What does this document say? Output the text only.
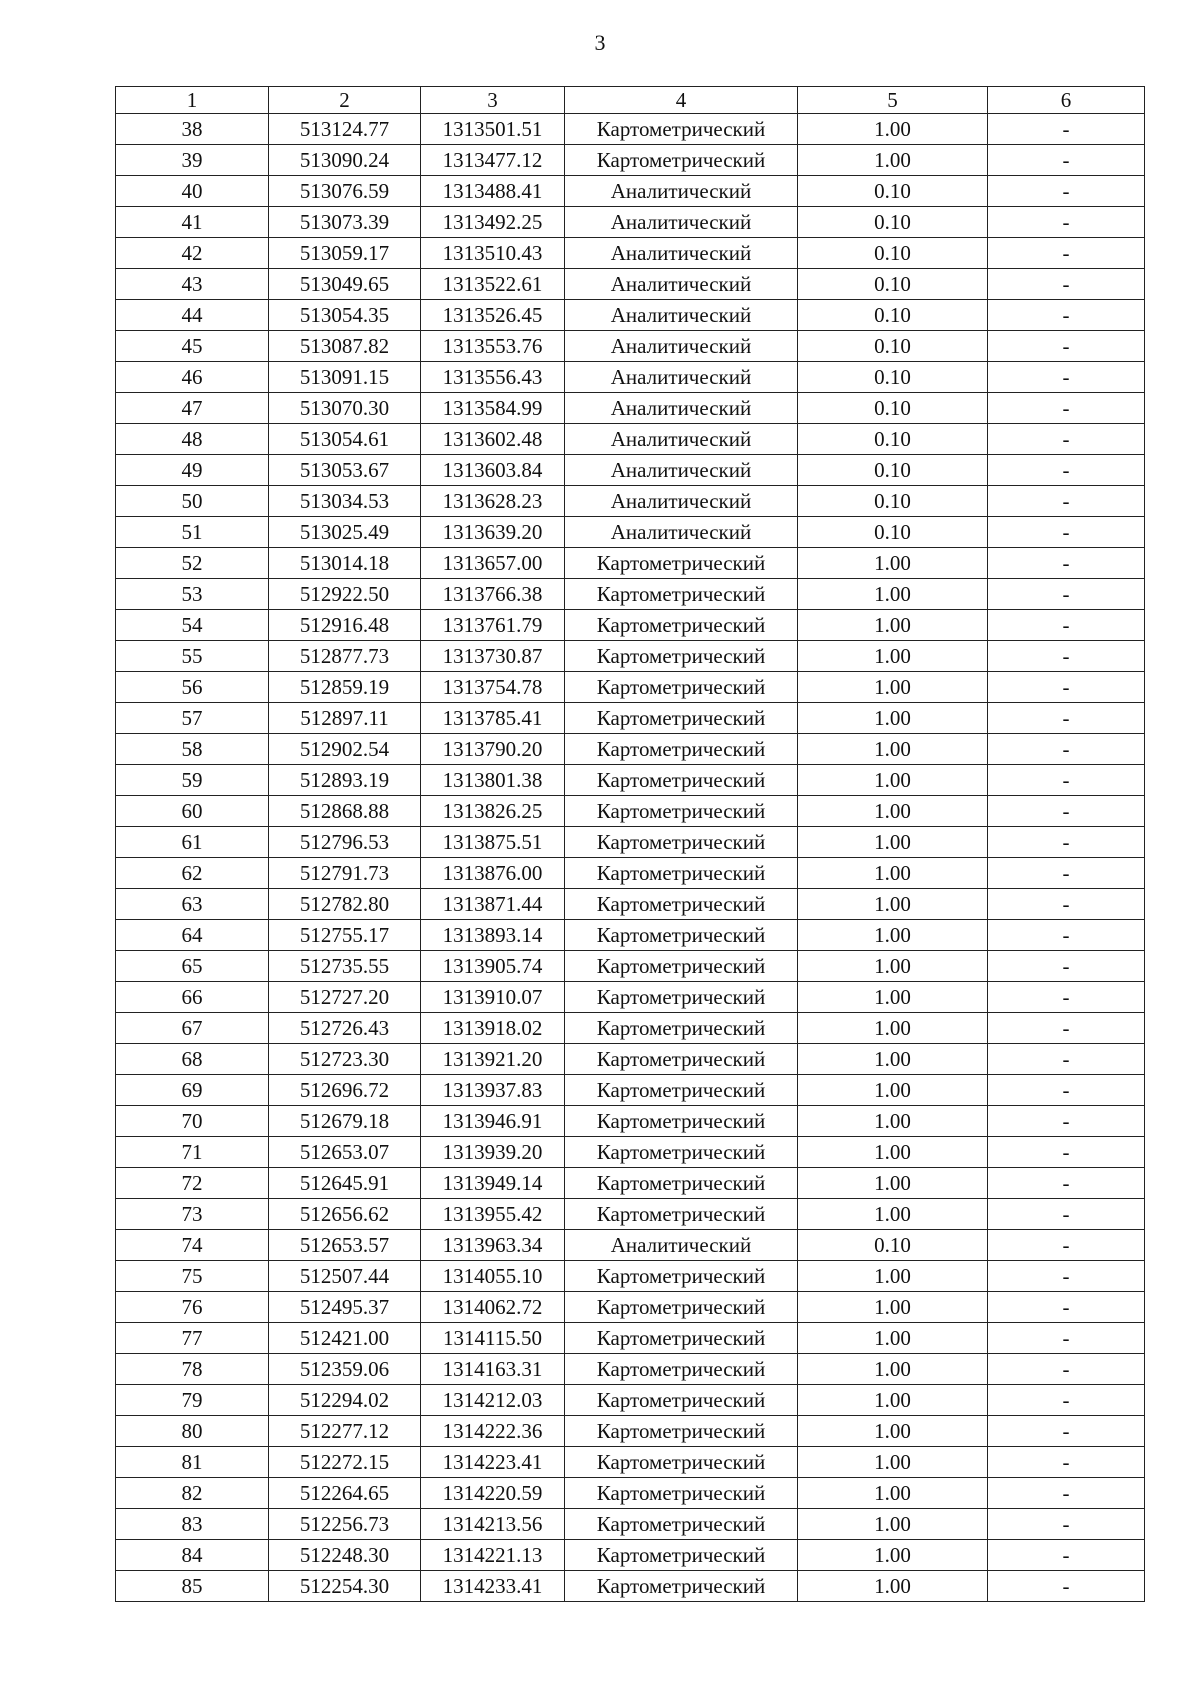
3
1	2	3	4	5	6
38	513124.77	1313501.51	Картометрический	1.00	-
39	513090.24	1313477.12	Картометрический	1.00	-
40	513076.59	1313488.41	Аналитический	0.10	-
41	513073.39	1313492.25	Аналитический	0.10	-
42	513059.17	1313510.43	Аналитический	0.10	-
43	513049.65	1313522.61	Аналитический	0.10	-
44	513054.35	1313526.45	Аналитический	0.10	-
45	513087.82	1313553.76	Аналитический	0.10	-
46	513091.15	1313556.43	Аналитический	0.10	-
47	513070.30	1313584.99	Аналитический	0.10	-
48	513054.61	1313602.48	Аналитический	0.10	-
49	513053.67	1313603.84	Аналитический	0.10	-
50	513034.53	1313628.23	Аналитический	0.10	-
51	513025.49	1313639.20	Аналитический	0.10	-
52	513014.18	1313657.00	Картометрический	1.00	-
53	512922.50	1313766.38	Картометрический	1.00	-
54	512916.48	1313761.79	Картометрический	1.00	-
55	512877.73	1313730.87	Картометрический	1.00	-
56	512859.19	1313754.78	Картометрический	1.00	-
57	512897.11	1313785.41	Картометрический	1.00	-
58	512902.54	1313790.20	Картометрический	1.00	-
59	512893.19	1313801.38	Картометрический	1.00	-
60	512868.88	1313826.25	Картометрический	1.00	-
61	512796.53	1313875.51	Картометрический	1.00	-
62	512791.73	1313876.00	Картометрический	1.00	-
63	512782.80	1313871.44	Картометрический	1.00	-
64	512755.17	1313893.14	Картометрический	1.00	-
65	512735.55	1313905.74	Картометрический	1.00	-
66	512727.20	1313910.07	Картометрический	1.00	-
67	512726.43	1313918.02	Картометрический	1.00	-
68	512723.30	1313921.20	Картометрический	1.00	-
69	512696.72	1313937.83	Картометрический	1.00	-
70	512679.18	1313946.91	Картометрический	1.00	-
71	512653.07	1313939.20	Картометрический	1.00	-
72	512645.91	1313949.14	Картометрический	1.00	-
73	512656.62	1313955.42	Картометрический	1.00	-
74	512653.57	1313963.34	Аналитический	0.10	-
75	512507.44	1314055.10	Картометрический	1.00	-
76	512495.37	1314062.72	Картометрический	1.00	-
77	512421.00	1314115.50	Картометрический	1.00	-
78	512359.06	1314163.31	Картометрический	1.00	-
79	512294.02	1314212.03	Картометрический	1.00	-
80	512277.12	1314222.36	Картометрический	1.00	-
81	512272.15	1314223.41	Картометрический	1.00	-
82	512264.65	1314220.59	Картометрический	1.00	-
83	512256.73	1314213.56	Картометрический	1.00	-
84	512248.30	1314221.13	Картометрический	1.00	-
85	512254.30	1314233.41	Картометрический	1.00	-
